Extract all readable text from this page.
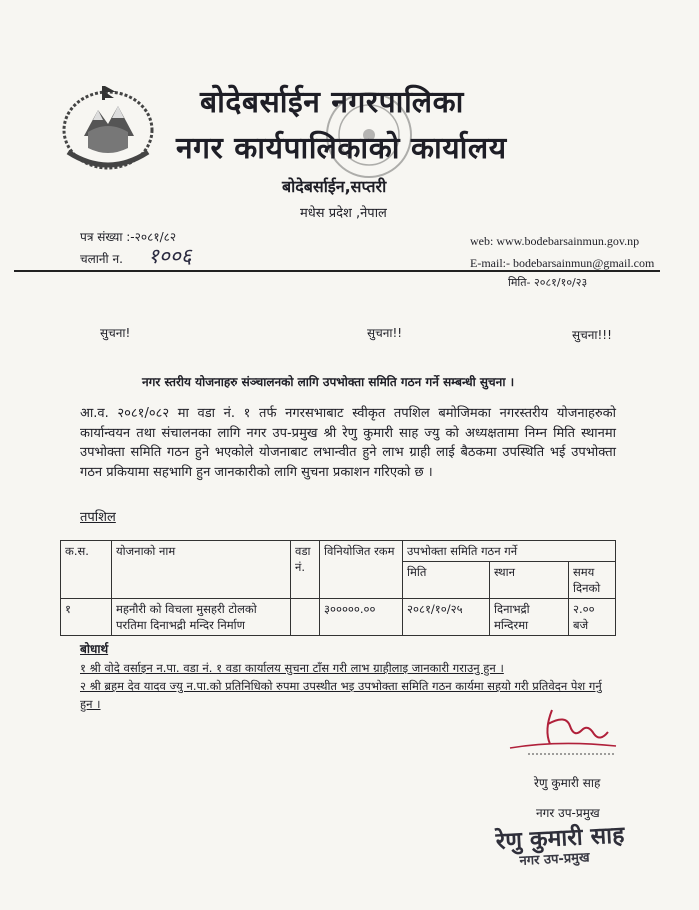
बोदेबर्साईन नगरपालिका
नगर कार्यपालिकाको कार्यालय
बोदेबर्साईन,सप्तरी
मधेस प्रदेश ,नेपाल
पत्र संख्या :-२०८१/८२
चलानी न. १००६
web: www.bodebarsainmun.gov.np
E-mail:- bodebarsainmun@gmail.com
मिति- २०८१/१०/२३
सुचना!	सुचना!!	सुचना!!!
नगर स्तरीय योजनाहरु संञ्चालनको लागि उपभोक्ता समिति गठन गर्ने सम्बन्धी सुचना ।
आ.व. २०८१/०८२ मा वडा नं. १ तर्फ नगरसभाबाट स्वीकृत तपशिल बमोजिमका नगरस्तरीय योजनाहरुको कार्यान्वयन तथा संचालनका लागि नगर उप-प्रमुख श्री रेणु कुमारी साह ज्यु को अध्यक्षतामा निम्न मिति स्थानमा उपभोक्ता समिति गठन हुने भएकोले योजनाबाट लभान्वीत हुने लाभ ग्राही लाई बैठकमा उपस्थिति भई उपभोक्ता गठन प्रकियामा सहभागि हुन जानकारीको लागि सुचना प्रकाशन गरिएको छ ।
तपशिल
क.स.	योजनाको नाम	वडा नं.	विनियोजित रकम	उपभोक्ता समिति गठन गर्ने		
				मिति	स्थान	समय दिनको
१	महनौरी को विचला मुसहरी टोलको परतिमा दिनाभद्री मन्दिर निर्माण		३०००००.००	२०८१/१०/२५	दिनाभद्री मन्दिरमा	२.०० बजे
बोधार्थ
१ श्री वोदे वर्साइन न.पा. वडा नं. १ वडा कार्यालय सुचना टाँस गरी लाभ ग्राहीलाइ जानकारी गराउनु हुन ।
२ श्री ब्रहम देव यादव ज्यु न.पा.को प्रतिनिधिको रुपमा उपस्थीत भइ उपभोक्ता समिति गठन कार्यमा सहयो गरी प्रतिवेदन पेश गर्नु हुन ।
रेणु कुमारी साह
नगर उप-प्रमुख
रेणु कुमारी साह
नगर उप-प्रमुख
